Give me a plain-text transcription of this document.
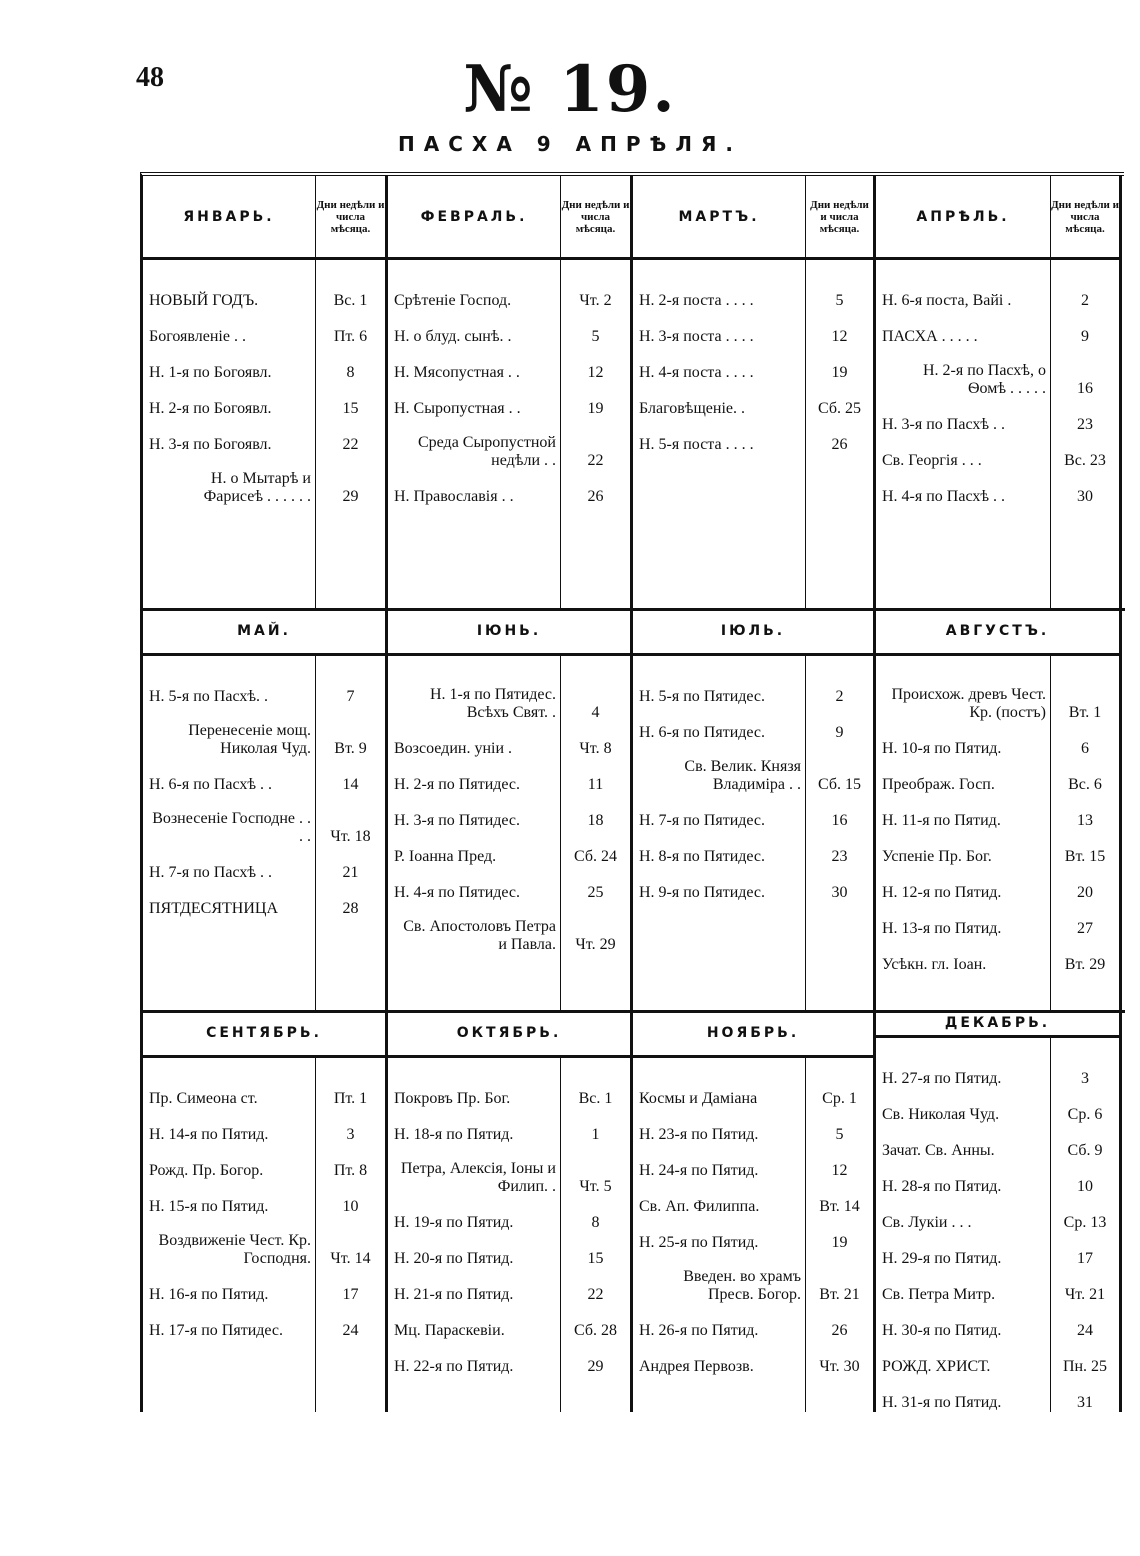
48	№ 19.
ПАСХА 9 АПРѢЛЯ.
ЯНВАРЬ.
Дни недѣли и числа мѣсяца.
НОВЫЙ ГОДЪ.
Богоявленіе . .
Н. 1-я по Богоявл.
Н. 2-я по Богоявл.
Н. 3-я по Богоявл.
Н. о Мытарѣ и Фарисеѣ . . . . . .
Вс. 1
Пт. 6
8
15
22
29
ФЕВРАЛЬ.
Дни недѣли и числа мѣсяца.
Срѣтеніе Господ.
Н. о блуд. сынѣ. .
Н. Мясопустная . .
Н. Сыропустная . .
Среда Сыропустной недѣли . .
Н. Православія . .
Чт. 2
5
12
19
22
26
МАРТЪ.
Дни недѣли и числа мѣсяца.
Н. 2-я поста . . . .
Н. 3-я поста . . . .
Н. 4-я поста . . . .
Благовѣщеніе. .
Н. 5-я поста . . . .
5
12
19
Сб. 25
26
АПРѢЛЬ.
Дни недѣли и числа мѣсяца.
Н. 6-я поста, Вайі .
ПАСХА . . . . .
Н. 2-я по Пасхѣ, о Ѳомѣ . . . . .
Н. 3-я по Пасхѣ . .
Св. Георгія . . .
Н. 4-я по Пасхѣ . .
2
9
16
23
Вс. 23
30
МАЙ.
Н. 5-я по Пасхѣ. .
Перенесеніе мощ. Николая Чуд.
Н. 6-я по Пасхѣ . .
Вознесеніе Господне . . . .
Н. 7-я по Пасхѣ . .
ПЯТДЕСЯТНИЦА
7
Вт. 9
14
Чт. 18
21
28
ІЮНЬ.
Н. 1-я по Пятидес. Всѣхъ Свят. .
Возсоедин. уніи .
Н. 2-я по Пятидес.
Н. 3-я по Пятидес.
Р. Іоанна Пред.
Н. 4-я по Пятидес.
Св. Апостоловъ Петра и Павла.
4
Чт. 8
11
18
Сб. 24
25
Чт. 29
ІЮЛЬ.
Н. 5-я по Пятидес.
Н. 6-я по Пятидес.
Св. Велик. Князя Владиміра . .
Н. 7-я по Пятидес.
Н. 8-я по Пятидес.
Н. 9-я по Пятидес.
2
9
Сб. 15
16
23
30
АВГУСТЪ.
Происхож. древъ Чест. Кр. (постъ)
Н. 10-я по Пятид.
Преображ. Госп.
Н. 11-я по Пятид.
Успеніе Пр. Бог.
Н. 12-я по Пятид.
Н. 13-я по Пятид.
Усѣкн. гл. Іоан.
Вт. 1
6
Вс. 6
13
Вт. 15
20
27
Вт. 29
СЕНТЯБРЬ.
Пр. Симеона ст.
Н. 14-я по Пятид.
Рожд. Пр. Богор.
Н. 15-я по Пятид.
Воздвиженіе Чест. Кр. Господня.
Н. 16-я по Пятид.
Н. 17-я по Пятидес.
Пт. 1
3
Пт. 8
10
Чт. 14
17
24
ОКТЯБРЬ.
Покровъ Пр. Бог.
Н. 18-я по Пятид.
Петра, Алексія, Іоны и Филип. .
Н. 19-я по Пятид.
Н. 20-я по Пятид.
Н. 21-я по Пятид.
Мц. Параскевіи.
Н. 22-я по Пятид.
Вс. 1
1
Чт. 5
8
15
22
Сб. 28
29
НОЯБРЬ.
Космы и Даміана
Н. 23-я по Пятид.
Н. 24-я по Пятид.
Св. Ап. Филиппа.
Н. 25-я по Пятид.
Введен. во храмъ Пресв. Богор.
Н. 26-я по Пятид.
Андрея Первозв.
Ср. 1
5
12
Вт. 14
19
Вт. 21
26
Чт. 30
ДЕКАБРЬ.
Н. 27-я по Пятид.
Св. Николая Чуд.
Зачат. Св. Анны.
Н. 28-я по Пятид.
Св. Лукіи . . .
Н. 29-я по Пятид.
Св. Петра Митр.
Н. 30-я по Пятид.
РОЖД. ХРИСТ.
Н. 31-я по Пятид.
3
Ср. 6
Сб. 9
10
Ср. 13
17
Чт. 21
24
Пн. 25
31
